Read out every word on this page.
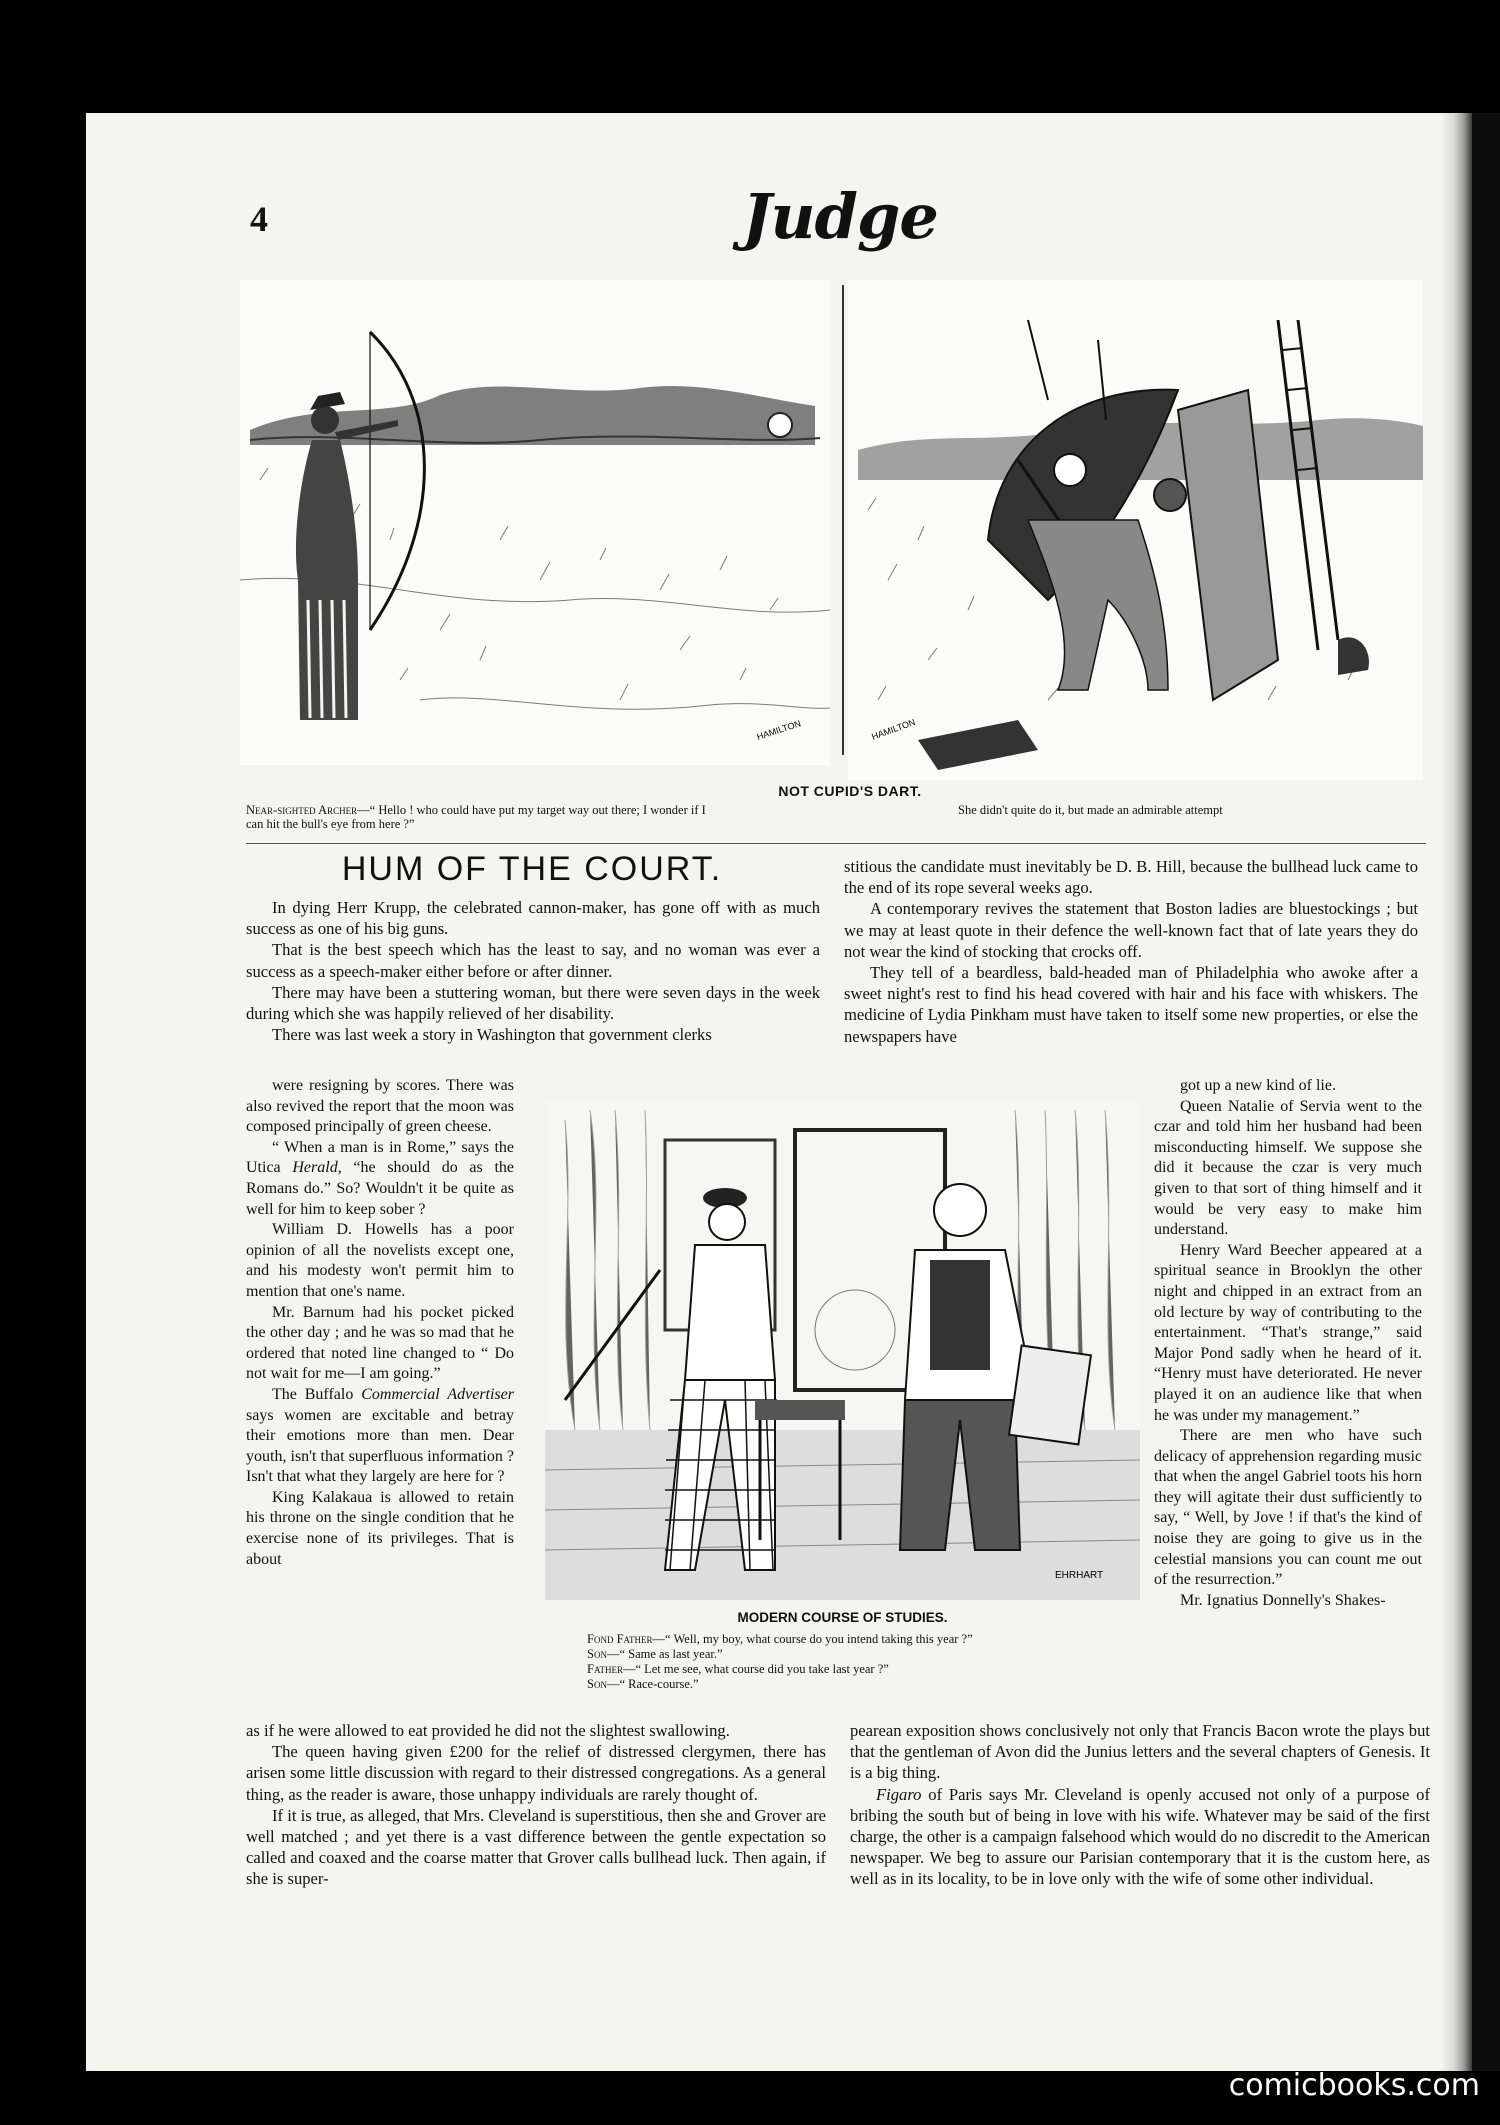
4	Judge
HAMILTON	HAMILTON
NOT CUPID'S DART.
Near-sighted Archer—“ Hello ! who could have put my target way out there; I wonder if I can hit the bull's eye from here ?”
She didn't quite do it, but made an admirable attempt
HUM OF THE COURT.

In dying Herr Krupp, the celebrated cannon-maker, has gone off with as much success as one of his big guns.

That is the best speech which has the least to say, and no woman was ever a success as a speech-maker either before or after dinner.

There may have been a stuttering woman, but there were seven days in the week during which she was happily relieved of her disability.

There was last week a story in Washington that government clerks

were resigning by scores. There was also revived the report that the moon was composed principally of green cheese.

“ When a man is in Rome,” says the Utica Herald, “he should do as the Romans do.” So? Wouldn't it be quite as well for him to keep sober ?

William D. Howells has a poor opinion of all the novelists except one, and his modesty won't permit him to mention that one's name.

Mr. Barnum had his pocket picked the other day ; and he was so mad that he ordered that noted line changed to “ Do not wait for me—I am going.”

The Buffalo Commercial Advertiser says women are excitable and betray their emotions more than men. Dear youth, isn't that superfluous information ? Isn't that what they largely are here for ?

King Kalakaua is allowed to retain his throne on the single condition that he exercise none of its privileges. That is about

as if he were allowed to eat provided he did not the slightest swallowing.

The queen having given £200 for the relief of distressed clergymen, there has arisen some little discussion with regard to their distressed congregations. As a general thing, as the reader is aware, those unhappy individuals are rarely thought of.

If it is true, as alleged, that Mrs. Cleveland is superstitious, then she and Grover are well matched ; and yet there is a vast difference between the gentle expectation so called and coaxed and the coarse matter that Grover calls bullhead luck. Then again, if she is super-

stitious the candidate must inevitably be D. B. Hill, because the bullhead luck came to the end of its rope several weeks ago.

A contemporary revives the statement that Boston ladies are bluestockings ; but we may at least quote in their defence the well-known fact that of late years they do not wear the kind of stocking that crocks off.

They tell of a beardless, bald-headed man of Philadelphia who awoke after a sweet night's rest to find his head covered with hair and his face with whiskers. The medicine of Lydia Pinkham must have taken to itself some new properties, or else the newspapers have

got up a new kind of lie.

Queen Natalie of Servia went to the czar and told him her husband had been misconducting himself. We suppose she did it because the czar is very much given to that sort of thing himself and it would be very easy to make him understand.

Henry Ward Beecher appeared at a spiritual seance in Brooklyn the other night and chipped in an extract from an old lecture by way of contributing to the entertainment. “That's strange,” said Major Pond sadly when he heard of it. “Henry must have deteriorated. He never played it on an audience like that when he was under my management.”

There are men who have such delicacy of apprehension regarding music that when the angel Gabriel toots his horn they will agitate their dust sufficiently to say, “ Well, by Jove ! if that's the kind of noise they are going to give us in the celestial mansions you can count me out of the resurrection.”

Mr. Ignatius Donnelly's Shakes-

pearean exposition shows conclusively not only that Francis Bacon wrote the plays but that the gentleman of Avon did the Junius letters and the several chapters of Genesis. It is a big thing.

Figaro of Paris says Mr. Cleveland is openly accused not only of a purpose of bribing the south but of being in love with his wife. Whatever may be said of the first charge, the other is a campaign falsehood which would do no discredit to the American newspaper. We beg to assure our Parisian contemporary that it is the custom here, as well as in its locality, to be in love only with the wife of some other individual.

EHRHART
MODERN COURSE OF STUDIES.
Fond Father—“ Well, my boy, what course do you intend taking this year ?”
Son—“ Same as last year.”
Father—“ Let me see, what course did you take last year ?”
Son—“ Race-course.”
comicbooks.com
